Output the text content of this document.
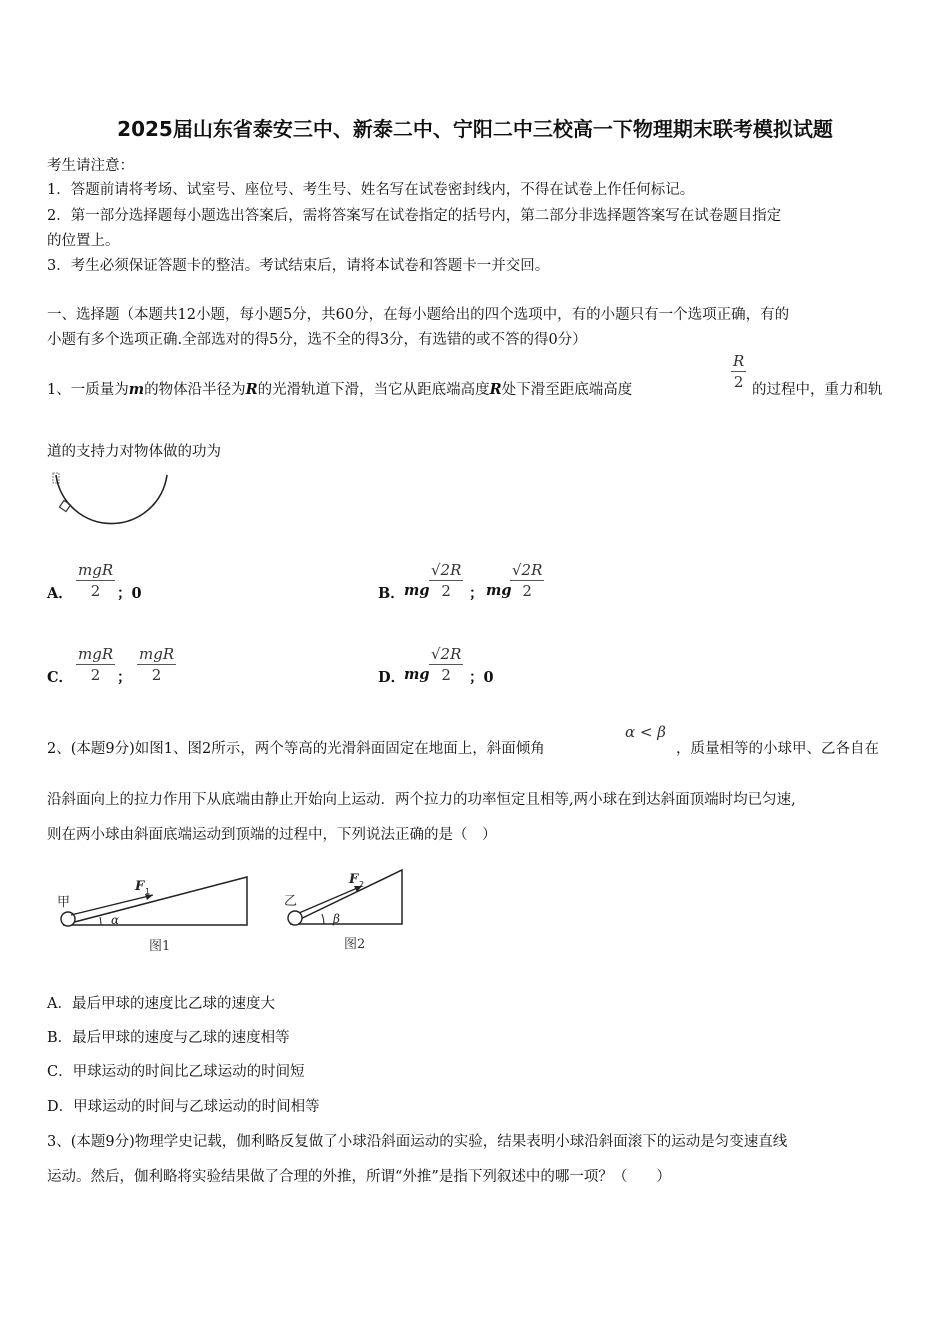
2025届山东省泰安三中、新泰二中、宁阳二中三校高一下物理期末联考模拟试题
考生请注意：
1．答题前请将考场、试室号、座位号、考生号、姓名写在试卷密封线内，不得在试卷上作任何标记。
2．第一部分选择题每小题选出答案后，需将答案写在试卷指定的括号内，第二部分非选择题答案写在试卷题目指定
的位置上。
3．考生必须保证答题卡的整洁。考试结束后，请将本试卷和答题卡一并交回。
一、选择题（本题共12小题，每小题5分，共60分，在每小题给出的四个选项中，有的小题只有一个选项正确，有的
小题有多个选项正确.全部选对的得5分，选不全的得3分，有选错的或不答的得0分）
1、一质量为m的物体沿半径为R的光滑轨道下滑，当它从距底端高度R处下滑至距底端高度	$\frac{R}{2}$ 的过程中，重力和轨
道的支持力对物体做的功为
A．
mgR
2	；0	B． mg $\frac{√2R}{2}$ ； mg
$\frac{√2R}{2}$
C．
mgR
2	；
mgR
2	D．
mg $\frac{√2R}{2}$ ；0
2、(本题9分)如图1、图2所示，两个等高的光滑斜面固定在地面上，斜面倾角
α < β
，质量相等的小球甲、乙各自在
沿斜面向上的拉力作用下从底端由静止开始向上运动．两个拉力的功率恒定且相等,两小球在到达斜面顶端时均已匀速,
则在两小球由斜面底端运动到顶端的过程中，下列说法正确的是（　）
甲
F 1
α
图1
乙
F 2
β
图2
A．最后甲球的速度比乙球的速度大
B．最后甲球的速度与乙球的速度相等
C．甲球运动的时间比乙球运动的时间短
D．甲球运动的时间与乙球运动的时间相等
3、(本题9分)物理学史记载，伽利略反复做了小球沿斜面运动的实验，结果表明小球沿斜面滚下的运动是匀变速直线
运动。然后，伽利略将实验结果做了合理的外推，所谓“外推”是指下列叙述中的哪一项？（　　）
